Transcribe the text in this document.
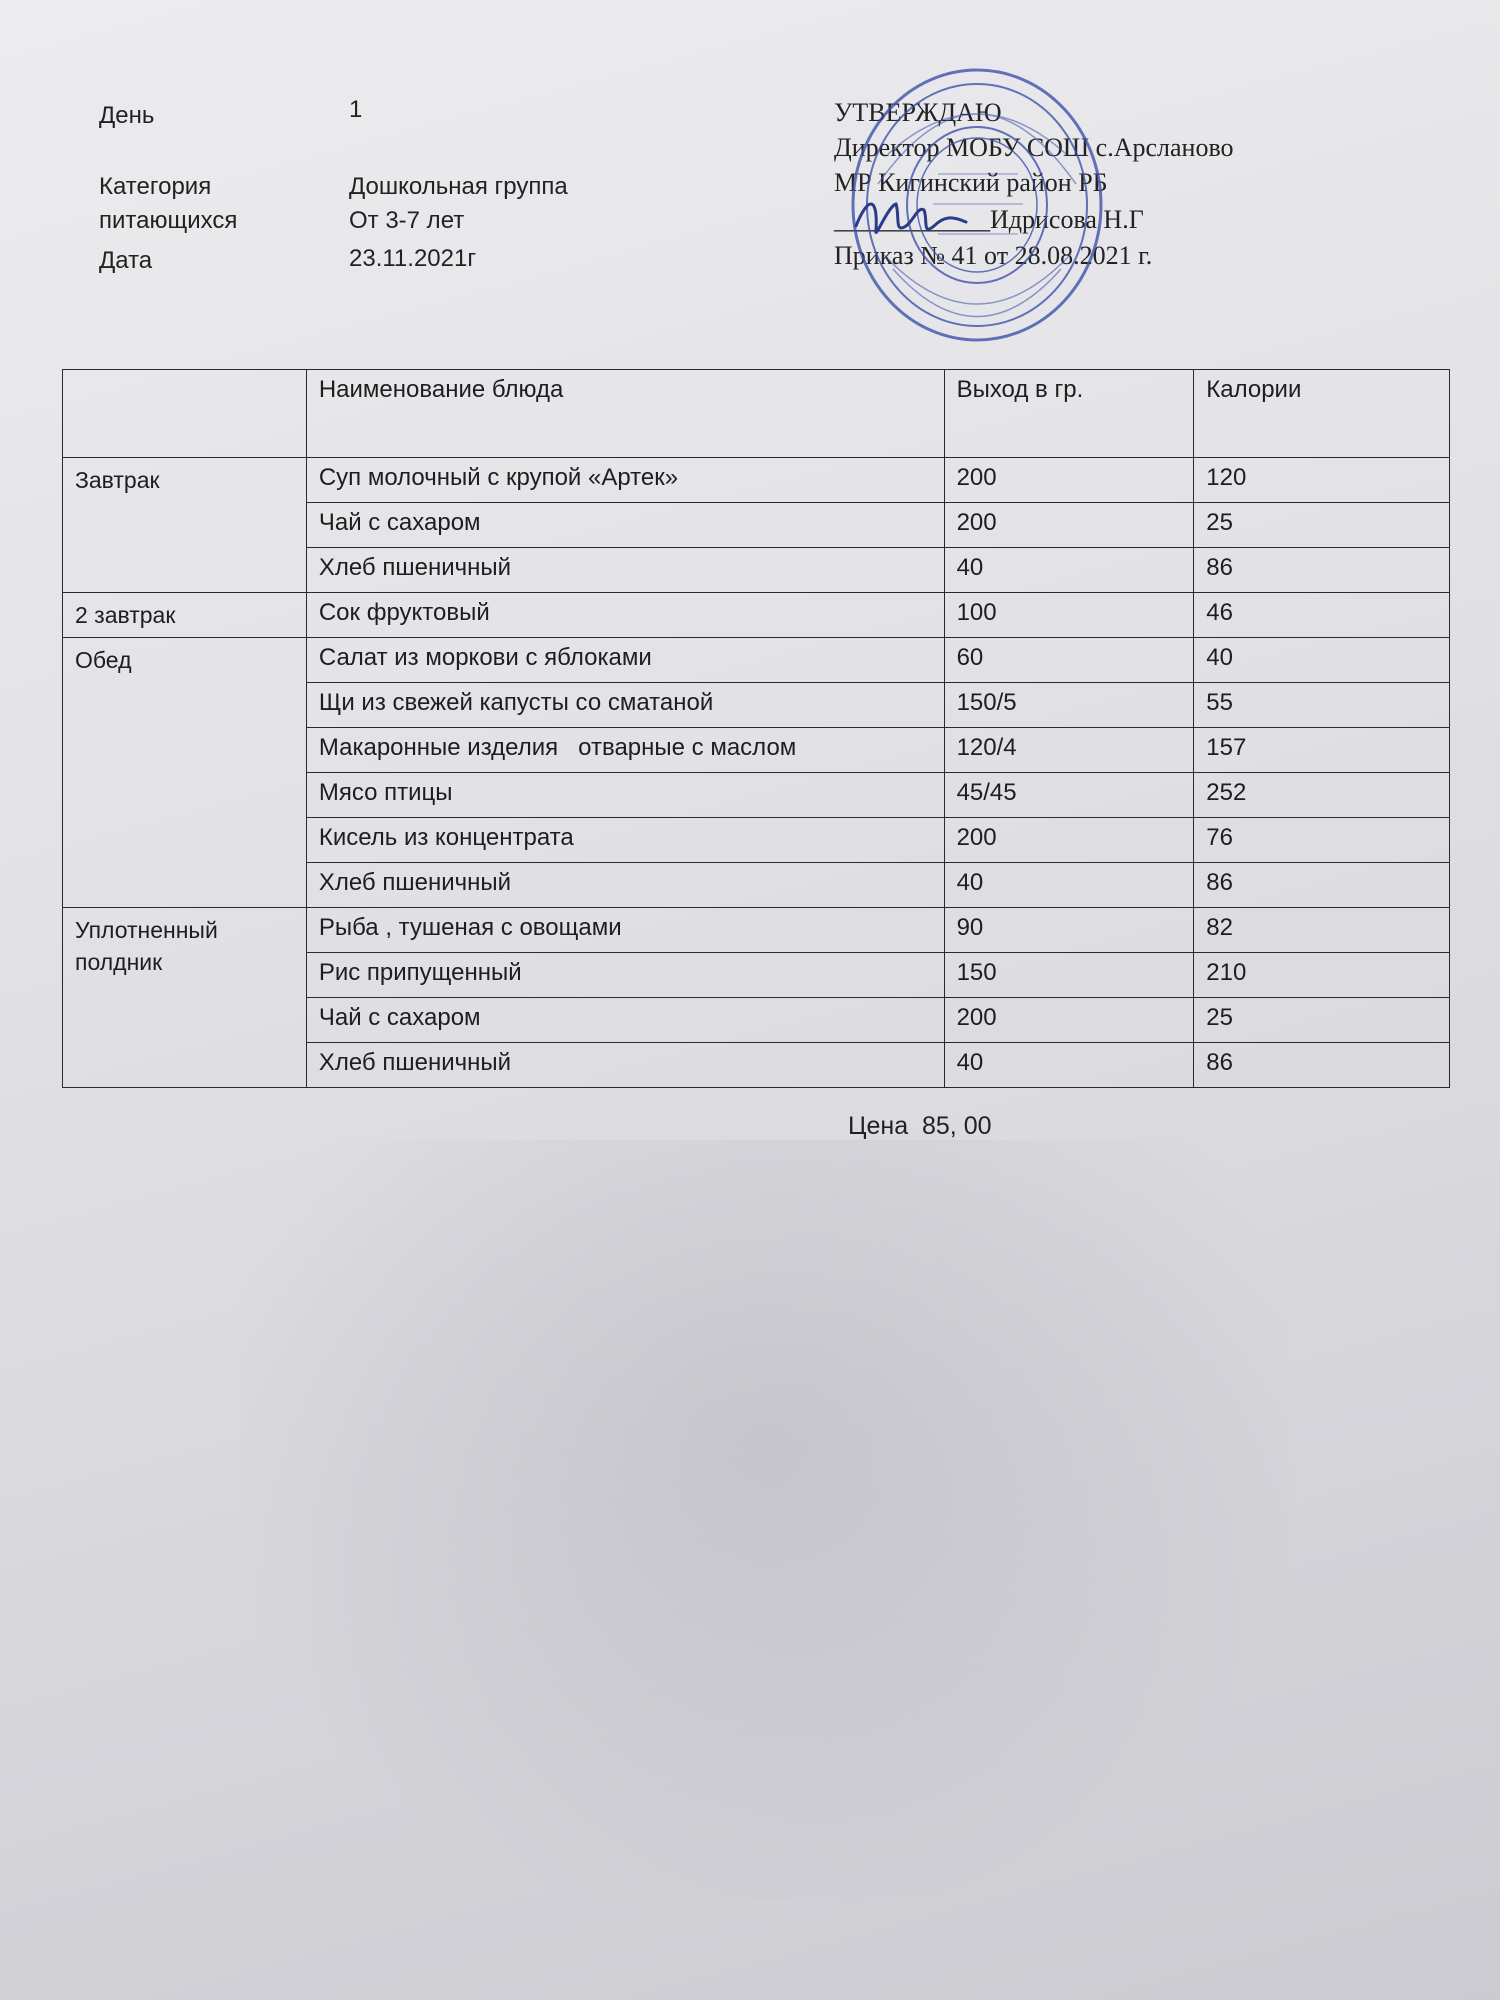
День	1
Категория
питающихся
Дошкольная группа
От 3-7 лет
Дата	23.11.2021г
УТВЕРЖДАЮ
Директор МОБУ СОШ с.Арсланово
МР Кигинский район РБ
____________Идрисова Н.Г
Приказ № 41 от 28.08.2021 г.
	Наименование блюда	Выход в гр.	Калории
Завтрак	Суп молочный с крупой «Артек»	200	120
	Чай с сахаром	200	25
	Хлеб пшеничный	40	86
2 завтрак	Сок фруктовый	100	46
Обед	Салат из моркови с яблоками	60	40
	Щи из свежей капусты со сматаной	150/5	55
	Макаронные изделия   отварные с маслом	120/4	157
	Мясо птицы	45/45	252
	Кисель из концентрата	200	76
	Хлеб пшеничный	40	86
Уплотненный полдник	Рыба , тушеная с овощами	90	82
	Рис припущенный	150	210
	Чай с сахаром	200	25
	Хлеб пшеничный	40	86
Цена  85, 00
